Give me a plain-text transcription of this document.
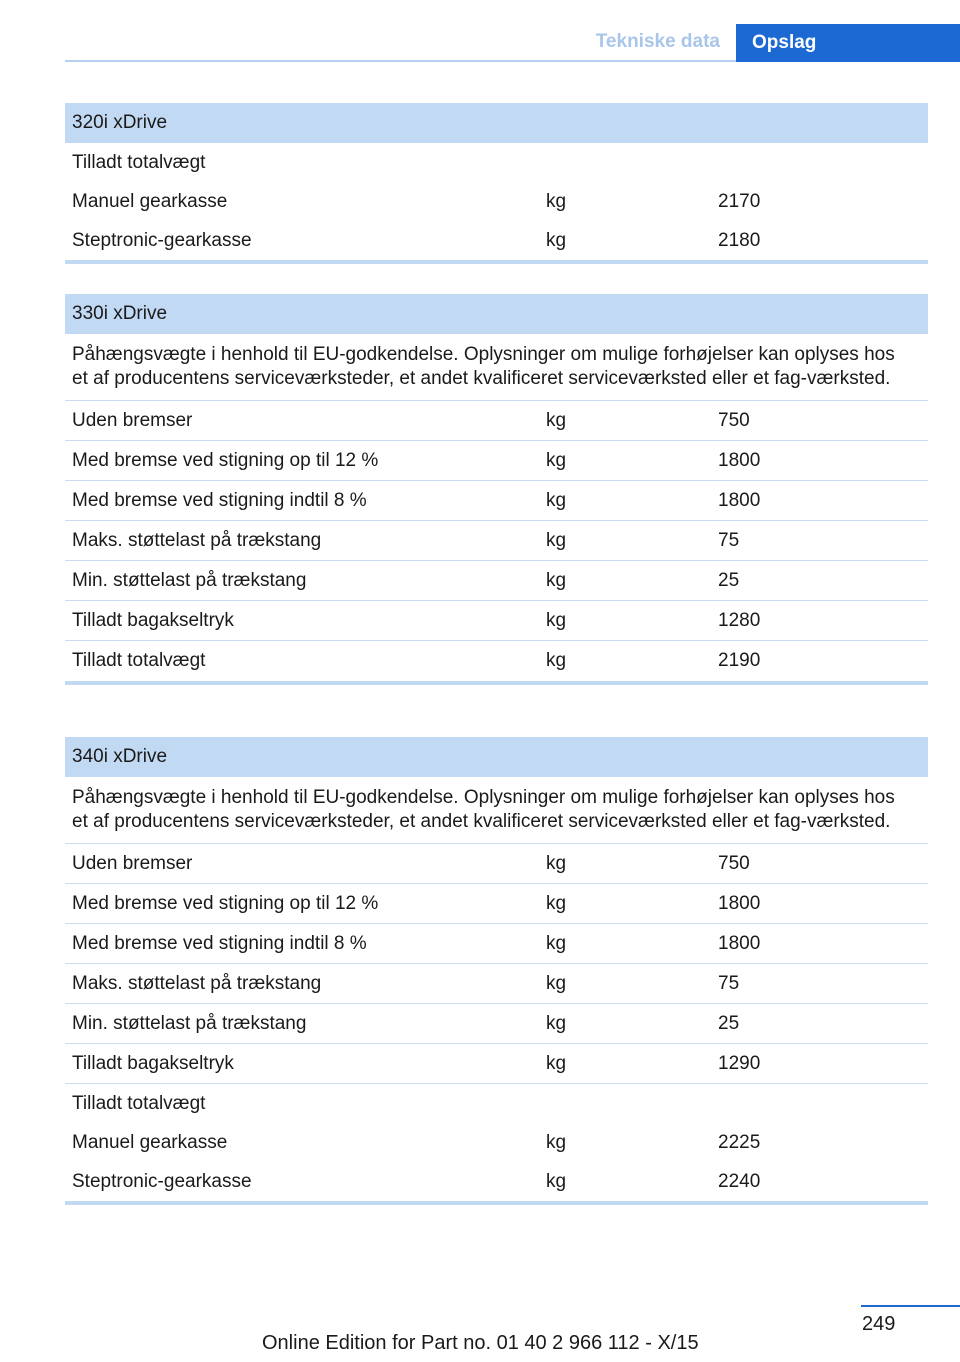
Tekniske data	Opslag
320i xDrive
Tilladt totalvægt
Manuel gearkasse	kg	2170
Steptronic-gearkasse	kg	2180
330i xDrive
Påhængsvægte i henhold til EU-godkendelse. Oplysninger om mulige forhøjelser kan oplyses hos et af producentens serviceværksteder, et andet kvalificeret serviceværksted eller et fag-værksted.
Uden bremser	kg	750
Med bremse ved stigning op til 12 %	kg	1800
Med bremse ved stigning indtil 8 %	kg	1800
Maks. støttelast på trækstang	kg	75
Min. støttelast på trækstang	kg	25
Tilladt bagakseltryk	kg	1280
Tilladt totalvægt	kg	2190
340i xDrive
Påhængsvægte i henhold til EU-godkendelse. Oplysninger om mulige forhøjelser kan oplyses hos et af producentens serviceværksteder, et andet kvalificeret serviceværksted eller et fag-værksted.
Uden bremser	kg	750
Med bremse ved stigning op til 12 %	kg	1800
Med bremse ved stigning indtil 8 %	kg	1800
Maks. støttelast på trækstang	kg	75
Min. støttelast på trækstang	kg	25
Tilladt bagakseltryk	kg	1290
Tilladt totalvægt
Manuel gearkasse	kg	2225
Steptronic-gearkasse	kg	2240
249
Online Edition for Part no. 01 40 2 966 112 - X/15
